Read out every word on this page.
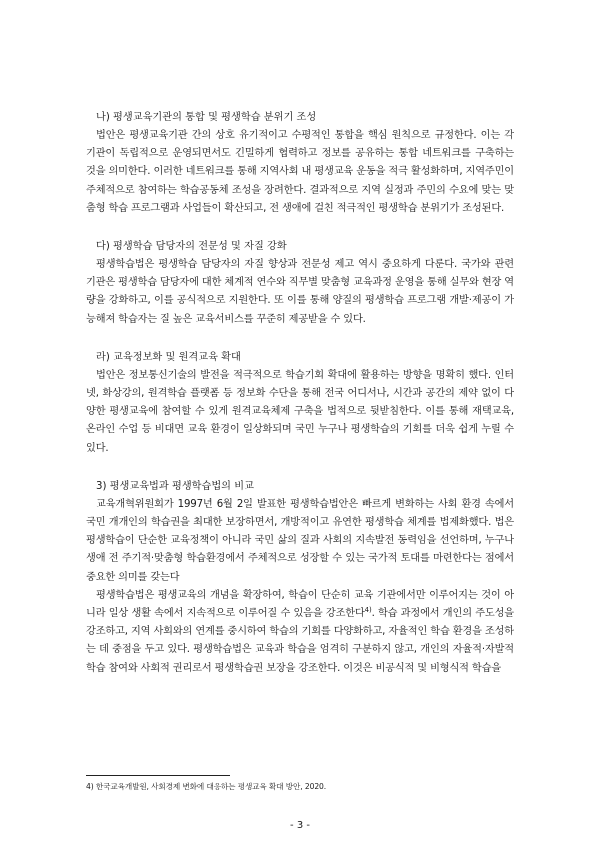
나) 평생교육기관의 통합 및 평생학습 분위기 조성

법안은 평생교육기관 간의 상호 유기적이고 수평적인 통합을 핵심 원칙으로 규정한다. 이는 각 기관이 독립적으로 운영되면서도 긴밀하게 협력하고 정보를 공유하는 통합 네트워크를 구축하는 것을 의미한다. 이러한 네트워크를 통해 지역사회 내 평생교육 운동을 적극 활성화하며, 지역주민이 주체적으로 참여하는 학습공동체 조성을 장려한다. 결과적으로 지역 실정과 주민의 수요에 맞는 맞춤형 학습 프로그램과 사업들이 확산되고, 전 생애에 걸친 적극적인 평생학습 분위기가 조성된다.

다) 평생학습 담당자의 전문성 및 자질 강화

평생학습법은 평생학습 담당자의 자질 향상과 전문성 제고 역시 중요하게 다룬다. 국가와 관련 기관은 평생학습 담당자에 대한 체계적 연수와 직무별 맞춤형 교육과정 운영을 통해 실무와 현장 역량을 강화하고, 이를 공식적으로 지원한다. 또 이를 통해 양질의 평생학습 프로그램 개발·제공이 가능해져 학습자는 질 높은 교육서비스를 꾸준히 제공받을 수 있다.

라) 교육정보화 및 원격교육 확대

법안은 정보통신기술의 발전을 적극적으로 학습기회 확대에 활용하는 방향을 명확히 했다. 인터넷, 화상강의, 원격학습 플랫폼 등 정보화 수단을 통해 전국 어디서나, 시간과 공간의 제약 없이 다양한 평생교육에 참여할 수 있게 원격교육체제 구축을 법적으로 뒷받침한다. 이를 통해 재택교육, 온라인 수업 등 비대면 교육 환경이 일상화되며 국민 누구나 평생학습의 기회를 더욱 쉽게 누릴 수 있다.

3) 평생교육법과 평생학습법의 비교

교육개혁위원회가 1997년 6월 2일 발표한 평생학습법안은 빠르게 변화하는 사회 환경 속에서 국민 개개인의 학습권을 최대한 보장하면서, 개방적이고 유연한 평생학습 체계를 법제화했다. 법은 평생학습이 단순한 교육정책이 아니라 국민 삶의 질과 사회의 지속발전 동력임을 선언하며, 누구나 생애 전 주기적·맞춤형 학습환경에서 주체적으로 성장할 수 있는 국가적 토대를 마련한다는 점에서 중요한 의미를 갖는다

평생학습법은 평생교육의 개념을 확장하여, 학습이 단순히 교육 기관에서만 이루어지는 것이 아니라 일상 생활 속에서 지속적으로 이루어질 수 있음을 강조한다$^{4)}$. 학습 과정에서 개인의 주도성을 강조하고, 지역 사회와의 연계를 중시하여 학습의 기회를 다양화하고, 자율적인 학습 환경을 조성하는 데 중점을 두고 있다. 평생학습법은 교육과 학습을 엄격히 구분하지 않고, 개인의 자율적·자발적 학습 참여와 사회적 권리로서 평생학습권 보장을 강조한다. 이것은 비공식적 및 비형식적 학습을

4) 한국교육개발원, 사회경제 변화에 대응하는 평생교육 확대 방안, 2020.
- 3 -
